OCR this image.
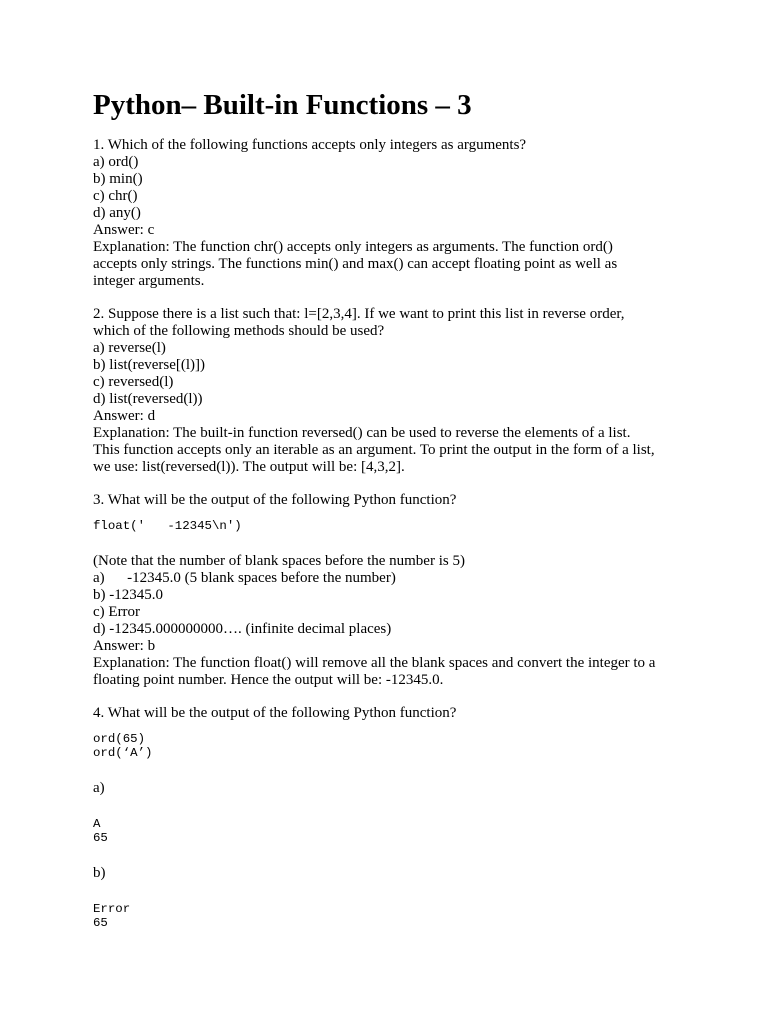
Python– Built-in Functions – 3
1. Which of the following functions accepts only integers as arguments?
a) ord()
b) min()
c) chr()
d) any()
Answer: c
Explanation: The function chr() accepts only integers as arguments. The function ord()
accepts only strings. The functions min() and max() can accept floating point as well as
integer arguments.
2. Suppose there is a list such that: l=[2,3,4]. If we want to print this list in reverse order,
which of the following methods should be used?
a) reverse(l)
b) list(reverse[(l)])
c) reversed(l)
d) list(reversed(l))
Answer: d
Explanation: The built-in function reversed() can be used to reverse the elements of a list.
This function accepts only an iterable as an argument. To print the output in the form of a list,
we use: list(reversed(l)). The output will be: [4,3,2].
3. What will be the output of the following Python function?
float('   -12345\n')
(Note that the number of blank spaces before the number is 5)
a)      -12345.0 (5 blank spaces before the number)
b) -12345.0
c) Error
d) -12345.000000000…. (infinite decimal places)
Answer: b
Explanation: The function float() will remove all the blank spaces and convert the integer to a
floating point number. Hence the output will be: -12345.0.
4. What will be the output of the following Python function?
ord(65)
ord(‘A’)
a)
A
65
b)
Error
65
